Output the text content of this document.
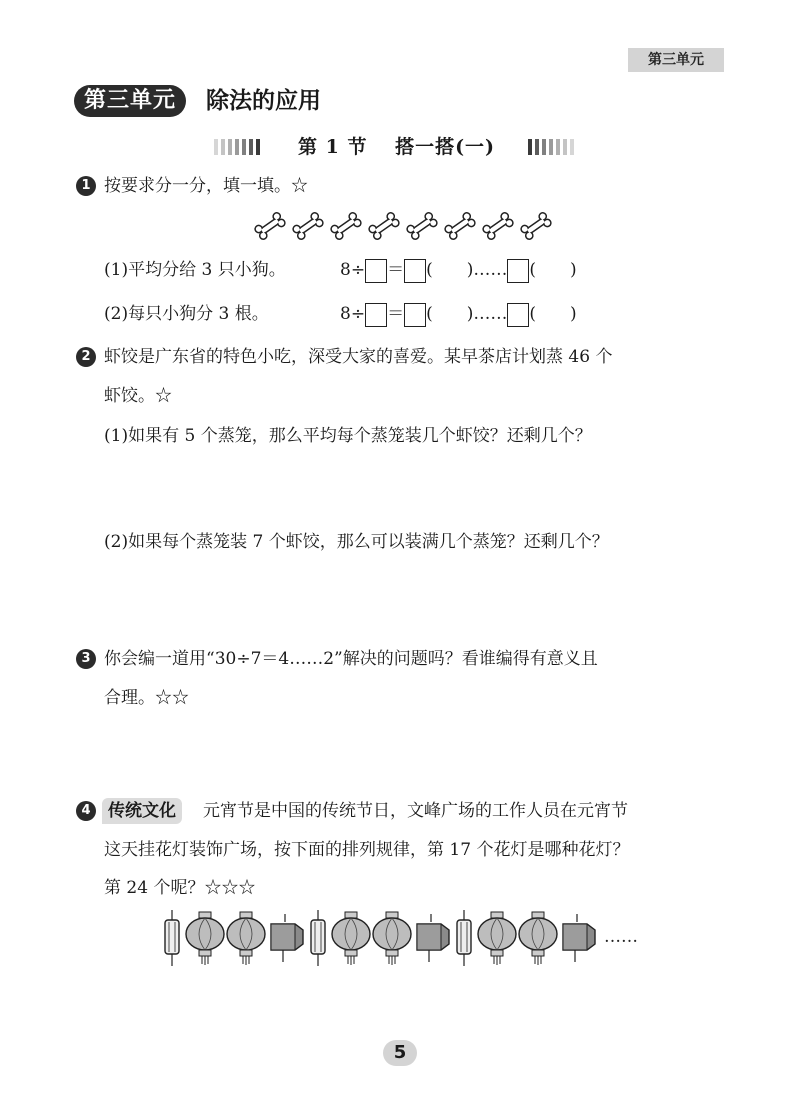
第三单元
第三单元	除法的应用
第 1 节　 搭一搭(一)
1 按要求分一分，填一填。☆
(1)平均分给 3 只小狗。	8÷ ＝ (　　)…… (　　)
(2)每只小狗分 3 根。	8÷ ＝ (　　)…… (　　)
2 虾饺是广东省的特色小吃，深受大家的喜爱。某早茶店计划蒸 46 个
虾饺。☆
(1)如果有 5 个蒸笼，那么平均每个蒸笼装几个虾饺？还剩几个？
(2)如果每个蒸笼装 7 个虾饺，那么可以装满几个蒸笼？还剩几个？
3 你会编一道用“30÷7＝4……2”解决的问题吗？看谁编得有意义且
合理。☆☆
4	传统文化	元宵节是中国的传统节日，文峰广场的工作人员在元宵节
这天挂花灯装饰广场，按下面的排列规律，第 17 个花灯是哪种花灯？
第 24 个呢？☆☆☆
……
5
